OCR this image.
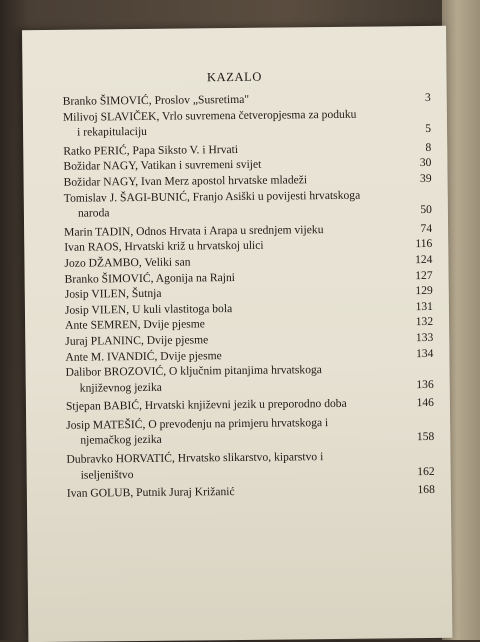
KAZALO
Branko ŠIMOVIĆ, Proslov „Susretima"	3
Milivoj SLAVIČEK, Vrlo suvremena četveropjesma za poduku
i rekapitulaciju	5
Ratko PERIĆ, Papa Siksto V. i Hrvati	8
Božidar NAGY, Vatikan i suvremeni svijet	30
Božidar NAGY, Ivan Merz apostol hrvatske mladeži	39
Tomislav J. ŠAGI-BUNIĆ, Franjo Asiški u povijesti hrvatskoga
naroda	50
Marin TADIN, Odnos Hrvata i Arapa u srednjem vijeku	74
Ivan RAOS, Hrvatski križ u hrvatskoj ulici	116
Jozo DŽAMBO, Veliki san	124
Branko ŠIMOVIĆ, Agonija na Rajni	127
Josip VILEN, Šutnja	129
Josip VILEN, U kuli vlastitoga bola	131
Ante SEMREN, Dvije pjesme	132
Juraj PLANINC, Dvije pjesme	133
Ante M. IVANDIĆ, Dvije pjesme	134
Dalibor BROZOVIĆ, O ključnim pitanjima hrvatskoga
književnog jezika	136
Stjepan BABIĆ, Hrvatski književni jezik u preporodno doba	146
Josip MATEŠIĆ, O prevođenju na primjeru hrvatskoga i
njemačkog jezika	158
Dubravko HORVATIĆ, Hrvatsko slikarstvo, kiparstvo i
iseljeništvo	162
Ivan GOLUB, Putnik Juraj Križanić	168
